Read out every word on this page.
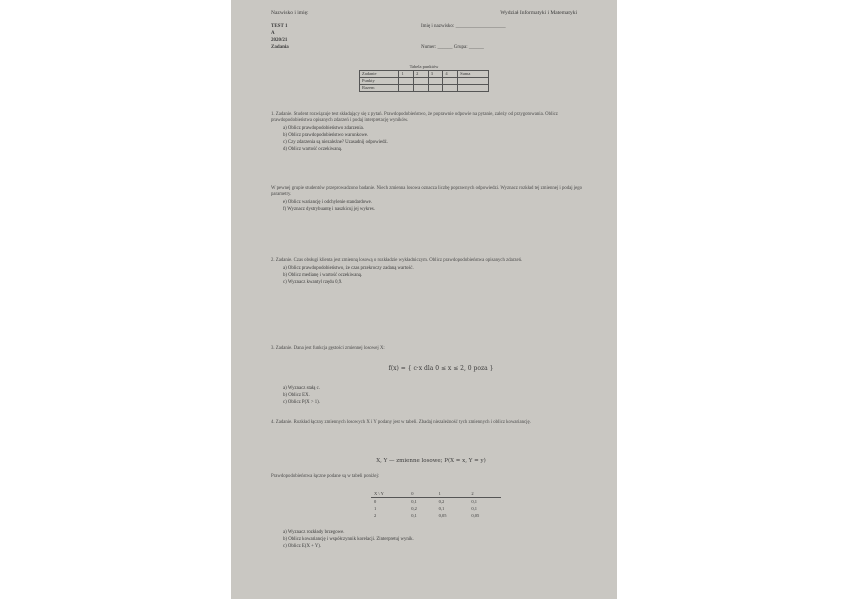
Nazwisko i imię:	Wydział Informatyki i Matematyki
TEST 1
A
2020/21
Zadania
Imię i nazwisko: ____________________
Numer: ______ Grupa: ______
Tabela punktów
Zadanie	1	2	3	4	Suma
Punkty					
Razem					
1. Zadanie. Student rozwiązuje test składający się z pytań. Prawdopodobieństwo, że poprawnie odpowie na pytanie, zależy od przygotowania. Oblicz prawdopodobieństwa opisanych zdarzeń i podaj interpretację wyników.
a) Oblicz prawdopodobieństwo zdarzenia.
b) Oblicz prawdopodobieństwo warunkowe.
c) Czy zdarzenia są niezależne? Uzasadnij odpowiedź.
d) Oblicz wartość oczekiwaną.
W pewnej grupie studentów przeprowadzono badanie. Niech zmienna losowa oznacza liczbę poprawnych odpowiedzi. Wyznacz rozkład tej zmiennej i podaj jego parametry.
e) Oblicz wariancję i odchylenie standardowe.
f) Wyznacz dystrybuantę i naszkicuj jej wykres.
2. Zadanie. Czas obsługi klienta jest zmienną losową o rozkładzie wykładniczym. Oblicz prawdopodobieństwa opisanych zdarzeń.
a) Oblicz prawdopodobieństwo, że czas przekroczy zadaną wartość.
b) Oblicz medianę i wartość oczekiwaną.
c) Wyznacz kwantyl rzędu 0,9.
3. Zadanie. Dana jest funkcja gęstości zmiennej losowej X:
a) Wyznacz stałą c.
b) Oblicz EX.
c) Oblicz P(X > 1).
4. Zadanie. Rozkład łączny zmiennych losowych X i Y podany jest w tabeli. Zbadaj niezależność tych zmiennych i oblicz kowariancję.
Prawdopodobieństwa łączne podane są w tabeli poniżej:
a) Wyznacz rozkłady brzegowe.
b) Oblicz kowariancję i współczynnik korelacji. Zinterpretuj wynik.
c) Oblicz E(X + Y).
f(x) = { c·x dla 0 ≤ x ≤ 2, 0 poza }
X, Y — zmienne losowe; P(X = x, Y = y)
X \ Y	0	1	2
0	0,1	0,2	0,1
1	0,2	0,1	0,1
2	0,1	0,05	0,05
